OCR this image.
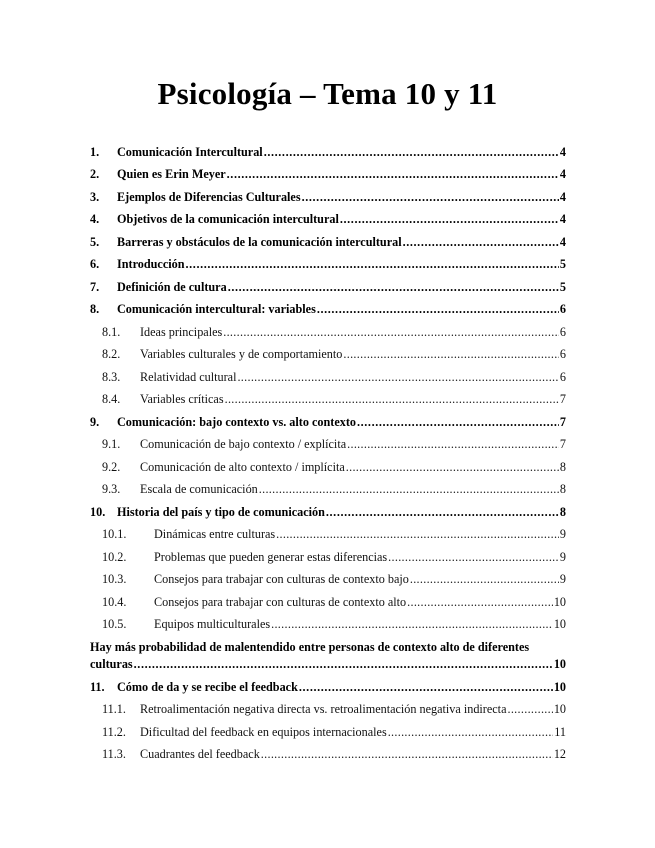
Psicología – Tema 10 y 11
1.	Comunicación Intercultural .....	4
2.	Quien es Erin Meyer .....	4
3.	Ejemplos de Diferencias Culturales .....	4
4.	Objetivos de la comunicación intercultural .....	4
5.	Barreras y obstáculos de la comunicación intercultural .....	4
6.	Introducción .....	5
7.	Definición de cultura .....	5
8.	Comunicación intercultural: variables .....	6
8.1.	Ideas principales .....	6
8.2.	Variables culturales y de comportamiento .....	6
8.3.	Relatividad cultural .....	6
8.4.	Variables críticas .....	7
9.	Comunicación: bajo contexto vs. alto contexto .....	7
9.1.	Comunicación de bajo contexto / explícita .....	7
9.2.	Comunicación de alto contexto / implícita .....	8
9.3.	Escala de comunicación .....	8
10. Historia del país y tipo de comunicación .....	8
10.1.	Dinámicas entre culturas .....	9
10.2.	Problemas que pueden generar estas diferencias .....	9
10.3.	Consejos para trabajar con culturas de contexto bajo .....	9
10.4.	Consejos para trabajar con culturas de contexto alto .....	10
10.5.	Equipos multiculturales .....	10
Hay más probabilidad de malentendido entre personas de contexto alto de diferentes
culturas .....	10
11.	Cómo de da y se recibe el feedback .....	10
11.1.	Retroalimentación negativa directa vs. retroalimentación negativa indirecta .....	10
11.2.	Dificultad del feedback en equipos internacionales .....	11
11.3.	Cuadrantes del feedback .....	12
